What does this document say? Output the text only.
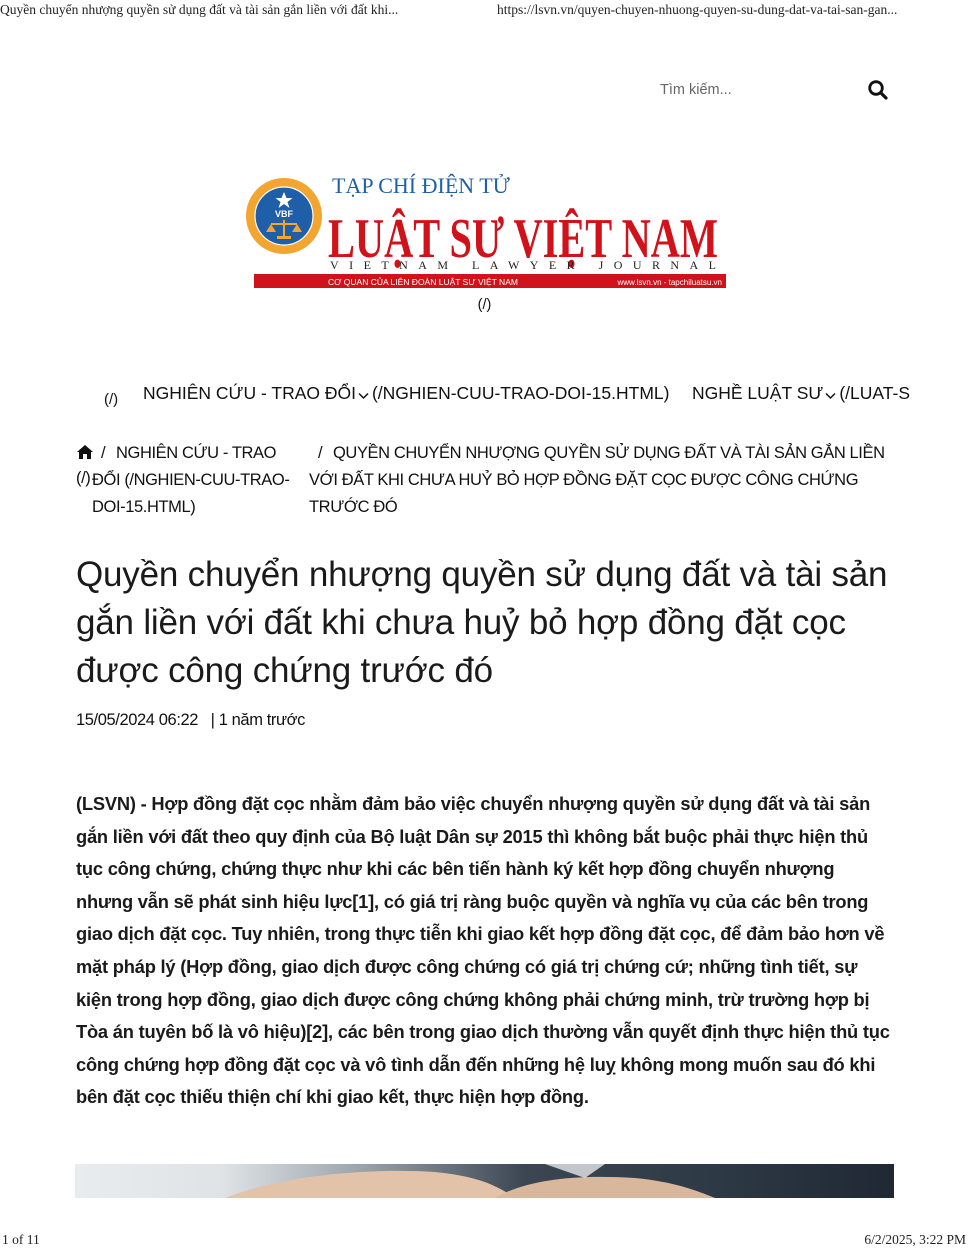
Quyền chuyển nhượng quyền sử dụng đất và tài sản gắn liền với đất khi...	https://lsvn.vn/quyen-chuyen-nhuong-quyen-su-dung-dat-va-tai-san-gan...
Tìm kiếm...
VBF
TẠP CHÍ ĐIỆN TỬ
LUẬT SƯ VIỆT
VIETNAM LAWYER JOURNAL
CƠ QUAN CỦA LIÊN ĐOÀN LUẬT SƯ VIỆT NAM	www.lsvn.vn - tapchiluatsu.vn
(/)
(/) NGHIÊN CỨU - TRAO ĐỔI (/NGHIEN-CUU-TRAO-DOI-15.HTML) NGHỀ LUẬT SƯ (/LUAT-S
/ NGHIÊN CỨU - TRAO ĐỔI (/NGHIEN-CUU-TRAO-DOI-15.HTML)
(/)
/ QUYỀN CHUYỂN NHƯỢNG QUYỀN SỬ DỤNG ĐẤT VÀ TÀI SẢN GẮN LIỀN VỚI ĐẤT KHI CHƯA HUỶ BỎ HỢP ĐỒNG ĐẶT CỌC ĐƯỢC CÔNG CHỨNG TRƯỚC ĐÓ
Quyền chuyển nhượng quyền sử dụng đất và tài sản gắn liền với đất khi chưa huỷ bỏ hợp đồng đặt cọc được công chứng trước đó
15/05/2024 06:22 | 1 năm trước

(LSVN) - Hợp đồng đặt cọc nhằm đảm bảo việc chuyển nhượng quyền sử dụng đất và tài sản gắn liền với đất theo quy định của Bộ luật Dân sự 2015 thì không bắt buộc phải thực hiện thủ tục công chứng, chứng thực như khi các bên tiến hành ký kết hợp đồng chuyển nhượng nhưng vẫn sẽ phát sinh hiệu lực[1], có giá trị ràng buộc quyền và nghĩa vụ của các bên trong giao dịch đặt cọc. Tuy nhiên, trong thực tiễn khi giao kết hợp đồng đặt cọc, để đảm bảo hơn về mặt pháp lý (Hợp đồng, giao dịch được công chứng có giá trị chứng cứ; những tình tiết, sự kiện trong hợp đồng, giao dịch được công chứng không phải chứng minh, trừ trường hợp bị Tòa án tuyên bố là vô hiệu)[2], các bên trong giao dịch thường vẫn quyết định thực hiện thủ tục công chứng hợp đồng đặt cọc và vô tình dẫn đến những hệ luỵ không mong muốn sau đó khi bên đặt cọc thiếu thiện chí khi giao kết, thực hiện hợp đồng.

1 of 11	6/2/2025, 3:22 PM
